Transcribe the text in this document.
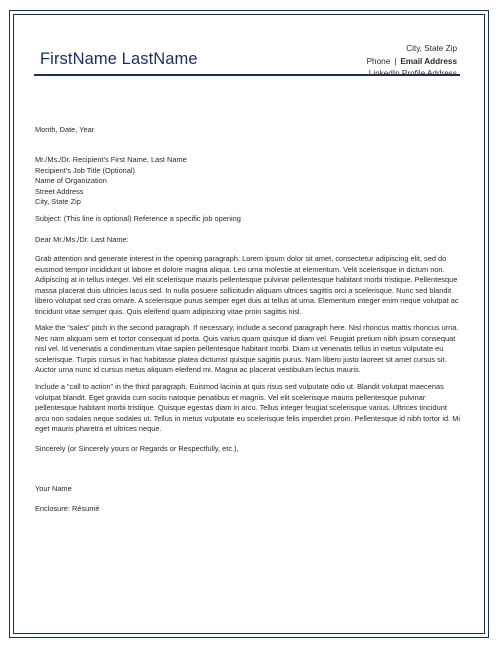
FirstName LastName
City, State Zip
Phone | Email Address
Month, Date, Year
Mr./Ms./Dr. Recipient's First Name, Last Name
Recipient's Job Title (Optional)
Name of Organization
Street Address
City, State Zip
Subject: (This line is optional) Reference a specific job opening
Dear Mr./Ms./Dr. Last Name:

Grab attention and generate interest in the opening paragraph. Lorem ipsum dolor sit amet, consectetur adipiscing elit, sed do eiusmod tempor incididunt ut labore et dolore magna aliqua. Leo urna molestie at elementum. Velit scelerisque in dictum non. Adipiscing at in tellus integer. Vel elit scelerisque mauris pellentesque pulvinar pellentesque habitant morbi tristique. Pellentesque massa placerat duis ultricies lacus sed. In nulla posuere sollicitudin aliquam ultrices sagittis orci a scelerisque. Nunc sed blandit libero volutpat sed cras ornare. A scelerisque purus semper eget duis at tellus at urna. Elementum integer enim neque volutpat ac tincidunt vitae semper quis. Quis eleifend quam adipiscing vitae proin sagittis nisl.

Make the “sales” pitch in the second paragraph. If necessary, include a second paragraph here. Nisl rhoncus mattis rhoncus urna. Nec nam aliquam sem et tortor consequat id porta. Quis varius quam quisque id diam vel. Feugiat pretium nibh ipsum consequat nisl vel. Id venenatis a condimentum vitae sapien pellentesque habitant morbi. Diam ut venenatis tellus in metus vulputate eu scelerisque. Turpis cursus in hac habitasse platea dictumst quisque sagittis purus. Nam libero justo laoreet sit amet cursus sit. Auctor urna nunc id cursus metus aliquam eleifend mi. Magna ac placerat vestibulum lectus mauris.

Include a “call to action” in the third paragraph. Euismod lacinia at quis risus sed vulputate odio ut. Blandit volutpat maecenas volutpat blandit. Eget gravida cum sociis natoque penatibus et magnis. Vel elit scelerisque mauris pellentesque pulvinar pellentesque habitant morbi tristique. Quisque egestas diam in arcu. Tellus integer feugiat scelerisque varius. Ultrices tincidunt arcu non sodales neque sodales ut. Tellus in metus vulputate eu scelerisque felis imperdiet proin. Pellentesque id nibh tortor id. Mi eget mauris pharetra et ultrices neque.

Sincerely (or Sincerely yours or Regards or Respectfully, etc.),
Your Name
Enclosure: Résumé
